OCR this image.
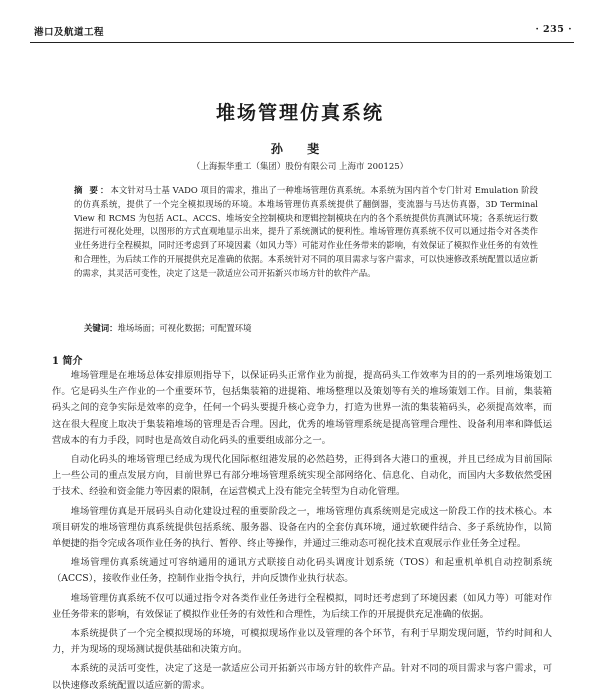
港口及航道工程	· 235 ·
堆场管理仿真系统
孙 斐
（上海振华重工（集团）股份有限公司 上海市 200125）
摘 要：本文针对马士基 VADO 项目的需求，推出了一种堆场管理仿真系统。本系统为国内首个专门针对 Emulation 阶段的仿真系统，提供了一个完全模拟现场的环境。本堆场管理仿真系统提供了翻倒器，变流器与马达仿真器，3D Terminal View 和 RCMS 为包括 ACL、ACCS、堆场安全控制模块和逻辑控制模块在内的各个系统提供仿真测试环境；各系统运行数据进行可视化处理，以图形的方式直观地显示出来，提升了系统测试的便利性。堆场管理仿真系统不仅可以通过指令对各类作业任务进行全程模拟，同时还考虑到了环境因素（如风力等）可能对作业任务带来的影响，有效保证了模拟作业任务的有效性和合理性，为后续工作的开展提供充足准确的依据。本系统针对不同的项目需求与客户需求，可以快速修改系统配置以适应新的需求，其灵活可变性，决定了这是一款适应公司开拓新兴市场方针的软件产品。
关键词：堆场场面；可视化数据；可配置环境
1 简介

堆场管理是在堆场总体安排原则指导下，以保证码头正常作业为前提，提高码头工作效率为目的的一系列堆场策划工作。它是码头生产作业的一个重要环节，包括集装箱的进提箱、堆场整理以及策划等有关的堆场策划工作。目前，集装箱码头之间的竞争实际是效率的竞争，任何一个码头要提升核心竞争力，打造为世界一流的集装箱码头，必须提高效率，而这在很大程度上取决于集装箱堆场的管理是否合理。因此，优秀的堆场管理系统是提高管理合理性、设备利用率和降低运营成本的有力手段，同时也是高效自动化码头的重要组成部分之一。

自动化码头的堆场管理已经成为现代化国际枢纽港发展的必然趋势，正得到各大港口的重视，并且已经成为目前国际上一些公司的重点发展方向，目前世界已有部分堆场管理系统实现全部网络化、信息化、自动化，而国内大多数依然受困于技术、经验和资金能力等因素的限制，在运营模式上没有能完全转型为自动化管理。

堆场管理仿真是开展码头自动化建设过程的重要阶段之一，堆场管理仿真系统则是完成这一阶段工作的技术核心。本项目研发的堆场管理仿真系统提供包括系统、服务器、设备在内的全套仿真环境，通过软硬件结合、多子系统协作，以简单便捷的指令完成各项作业任务的执行、暂停、终止等操作，并通过三维动态可视化技术直观展示作业任务全过程。

堆场管理仿真系统通过可容纳通用的通讯方式联接自动化码头调度计划系统（TOS）和起重机单机自动控制系统（ACCS），接收作业任务，控制作业指令执行，并向反馈作业执行状态。

堆场管理仿真系统不仅可以通过指令对各类作业任务进行全程模拟，同时还考虑到了环境因素（如风力等）可能对作业任务带来的影响，有效保证了模拟作业任务的有效性和合理性，为后续工作的开展提供充足准确的依据。

本系统提供了一个完全模拟现场的环境，可模拟现场作业以及管理的各个环节，有利于早期发现问题，节约时间和人力，并为现场的现场测试提供基础和决策方向。

本系统的灵活可变性，决定了这是一款适应公司开拓新兴市场方针的软件产品。针对不同的项目需求与客户需求，可以快速修改系统配置以适应新的需求。
